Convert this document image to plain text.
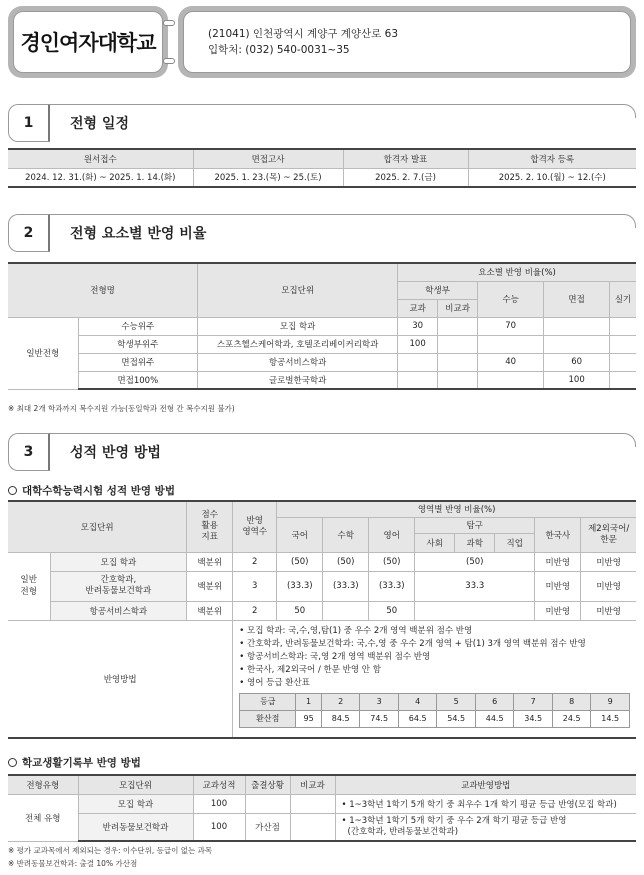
경인여자대학교	(21041) 인천광역시 계양구 계양산로 63
입학처: (032) 540-0031~35
1	전형 일정
원서접수	면접고사	합격자 발표	합격자 등록
2024. 12. 31.(화) ~ 2025. 1. 14.(화)	2025. 1. 23.(목) ~ 25.(토)	2025. 2. 7.(금)	2025. 2. 10.(월) ~ 12.(수)
2	전형 요소별 반영 비율
전형명		모집단위	요소별 반영 비율(%)				
			학생부		수능	면접	실기
			교과	비교과			
일반전형	수능위주	모집 학과	30		70		
	학생부위주	스포츠헬스케어학과, 호텔조리베이커리학과	100				
	면접위주	항공서비스학과			40	60	
	면접100%	글로벌한국학과				100	
※ 최대 2개 학과까지 복수지원 가능(동일학과 전형 간 복수지원 불가)
3	성적 반영 방법
대학수학능력시험 성적 반영 방법
모집단위	점수
활용
지표	반영
영역수	영역별 반영 비율(%)
국어	수학	영어	탐구	한국사	제2외국어/
한문
사회	과학	직업
일반
전형	모집 학과	백분위	2	(50)	(50)	(50)	(50)	미반영	미반영
간호학과,
반려동물보건학과	백분위	3	(33.3)	(33.3)	(33.3)	33.3	미반영	미반영
항공서비스학과	백분위	2	50		50		미반영	미반영
반영방법	
• 모집 학과: 국,수,영,탐(1) 중 우수 2개 영역 백분위 점수 반영
• 간호학과, 반려동물보건학과: 국,수,영 중 우수 2개 영역 + 탐(1) 3개 영역 백분위 점수 반영
• 항공서비스학과: 국,영 2개 영역 백분위 점수 반영
• 한국사, 제2외국어 / 한문 반영 안 함
• 영어 등급 환산표
등급	1	2	3	4	5	6	7	8	9
환산점	95	84.5	74.5	64.5	54.5	44.5	34.5	24.5	14.5
학교생활기록부 반영 방법
전형유형	모집단위	교과성적	출결상황	비교과	교과반영방법
전체 유형	모집 학과	100			• 1~3학년 1학기 5개 학기 중 최우수 1개 학기 평균 등급 반영(모집 학과)
	반려동물보건학과	100	가산점		• 1~3학년 1학기 5개 학기 중 우수 2개 학기 평균 등급 반영
(간호학과, 반려동물보건학과)
※ 평가 교과목에서 제외되는 경우: 이수단위, 등급이 없는 과목
※ 반려동물보건학과: 출결 10% 가산점
